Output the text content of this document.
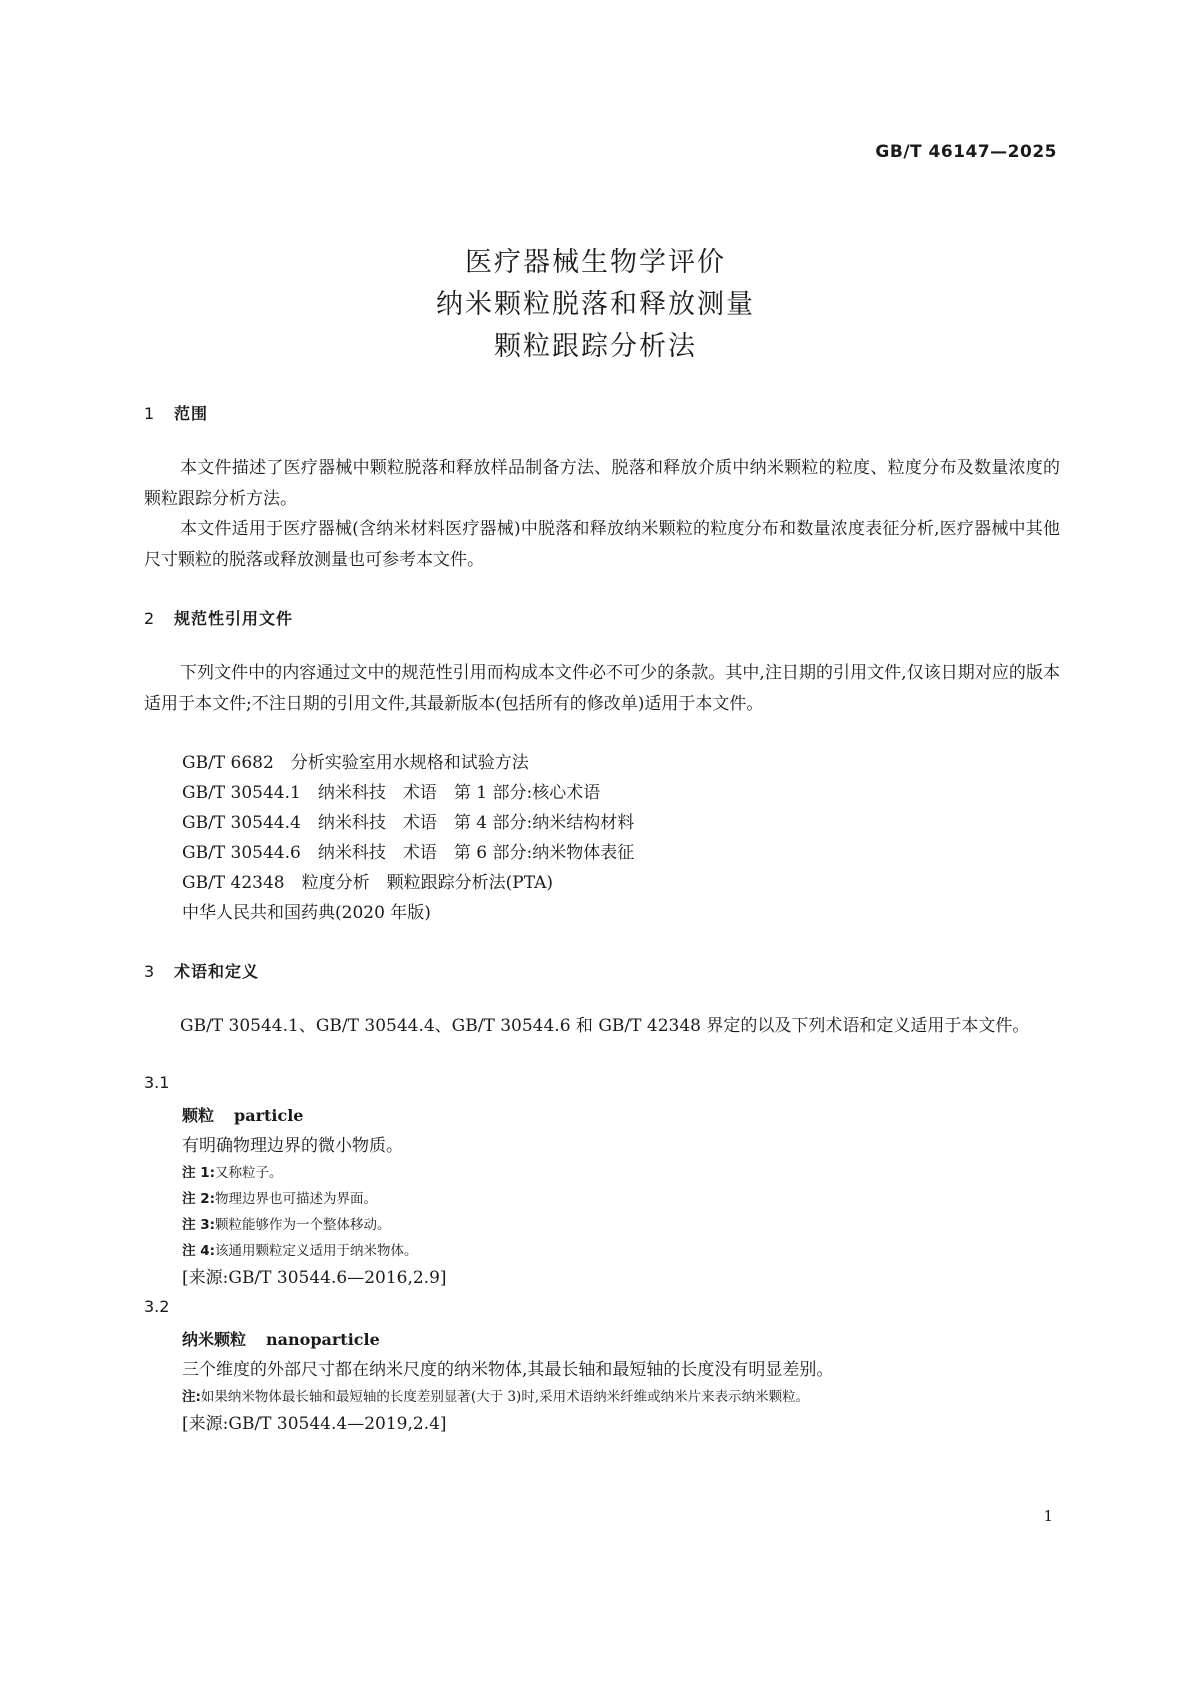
GB/T 46147—2025
医疗器械生物学评价
纳米颗粒脱落和释放测量
颗粒跟踪分析法
1 范围
本文件描述了医疗器械中颗粒脱落和释放样品制备方法、脱落和释放介质中纳米颗粒的粒度、粒度分布及数量浓度的颗粒跟踪分析方法。
本文件适用于医疗器械(含纳米材料医疗器械)中脱落和释放纳米颗粒的粒度分布和数量浓度表征分析,医疗器械中其他尺寸颗粒的脱落或释放测量也可参考本文件。
2 规范性引用文件
下列文件中的内容通过文中的规范性引用而构成本文件必不可少的条款。其中,注日期的引用文件,仅该日期对应的版本适用于本文件;不注日期的引用文件,其最新版本(包括所有的修改单)适用于本文件。
GB/T 6682　分析实验室用水规格和试验方法
GB/T 30544.1　纳米科技　术语　第 1 部分:核心术语
GB/T 30544.4　纳米科技　术语　第 4 部分:纳米结构材料
GB/T 30544.6　纳米科技　术语　第 6 部分:纳米物体表征
GB/T 42348　粒度分析　颗粒跟踪分析法(PTA)
中华人民共和国药典(2020 年版)
3 术语和定义
GB/T 30544.1、GB/T 30544.4、GB/T 30544.6 和 GB/T 42348 界定的以及下列术语和定义适用于本文件。
3.1
颗粒 particle
有明确物理边界的微小物质。
注 1:又称粒子。
注 2:物理边界也可描述为界面。
注 3:颗粒能够作为一个整体移动。
注 4:该通用颗粒定义适用于纳米物体。
[来源:GB/T 30544.6—2016,2.9]
3.2
纳米颗粒 nanoparticle
三个维度的外部尺寸都在纳米尺度的纳米物体,其最长轴和最短轴的长度没有明显差别。
注:如果纳米物体最长轴和最短轴的长度差别显著(大于 3)时,采用术语纳米纤维或纳米片来表示纳米颗粒。
[来源:GB/T 30544.4—2019,2.4]
1
